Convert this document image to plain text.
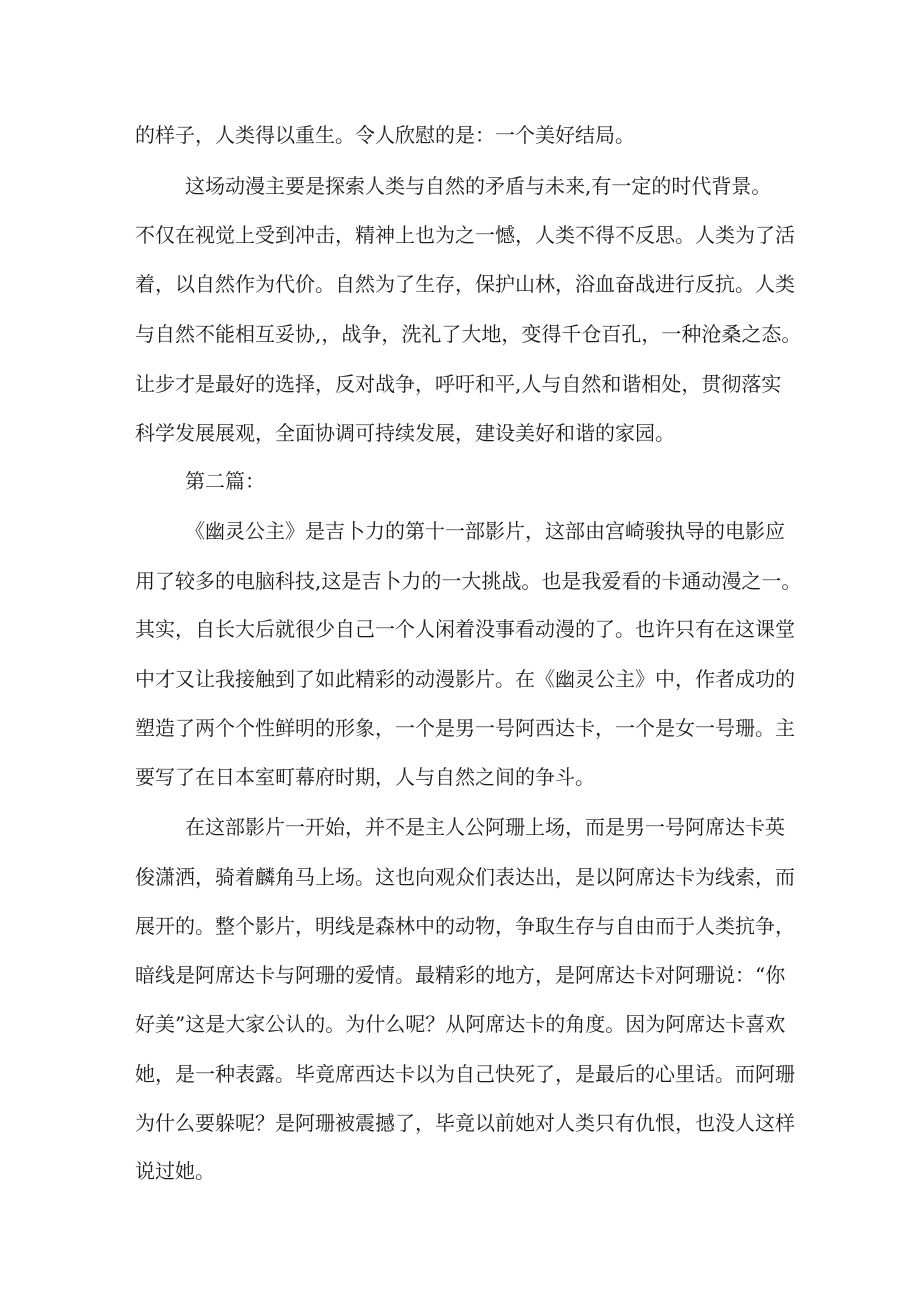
的样子，人类得以重生。令人欣慰的是：一个美好结局。
这场动漫主要是探索人类与自然的矛盾与未来,有一定的时代背景。
不仅在视觉上受到冲击，精神上也为之一憾，人类不得不反思。人类为了活
着，以自然作为代价。自然为了生存，保护山林，浴血奋战进行反抗。人类
与自然不能相互妥协,，战争，洗礼了大地，变得千仓百孔，一种沧桑之态。
让步才是最好的选择，反对战争，呼吁和平,人与自然和谐相处，贯彻落实
科学发展展观，全面协调可持续发展，建设美好和谐的家园。
第二篇：
《幽灵公主》是吉卜力的第十一部影片，这部由宫崎骏执导的电影应
用了较多的电脑科技,这是吉卜力的一大挑战。也是我爱看的卡通动漫之一。
其实，自长大后就很少自己一个人闲着没事看动漫的了。也许只有在这课堂
中才又让我接触到了如此精彩的动漫影片。在《幽灵公主》中，作者成功的
塑造了两个个性鲜明的形象，一个是男一号阿西达卡，一个是女一号珊。主
要写了在日本室町幕府时期，人与自然之间的争斗。
在这部影片一开始，并不是主人公阿珊上场，而是男一号阿席达卡英
俊潇洒，骑着麟角马上场。这也向观众们表达出，是以阿席达卡为线索，而
展开的。整个影片，明线是森林中的动物，争取生存与自由而于人类抗争，
暗线是阿席达卡与阿珊的爱情。最精彩的地方，是阿席达卡对阿珊说：“你
好美”这是大家公认的。为什么呢？从阿席达卡的角度。因为阿席达卡喜欢
她，是一种表露。毕竟席西达卡以为自己快死了，是最后的心里话。而阿珊
为什么要躲呢？是阿珊被震撼了，毕竟以前她对人类只有仇恨，也没人这样
说过她。
